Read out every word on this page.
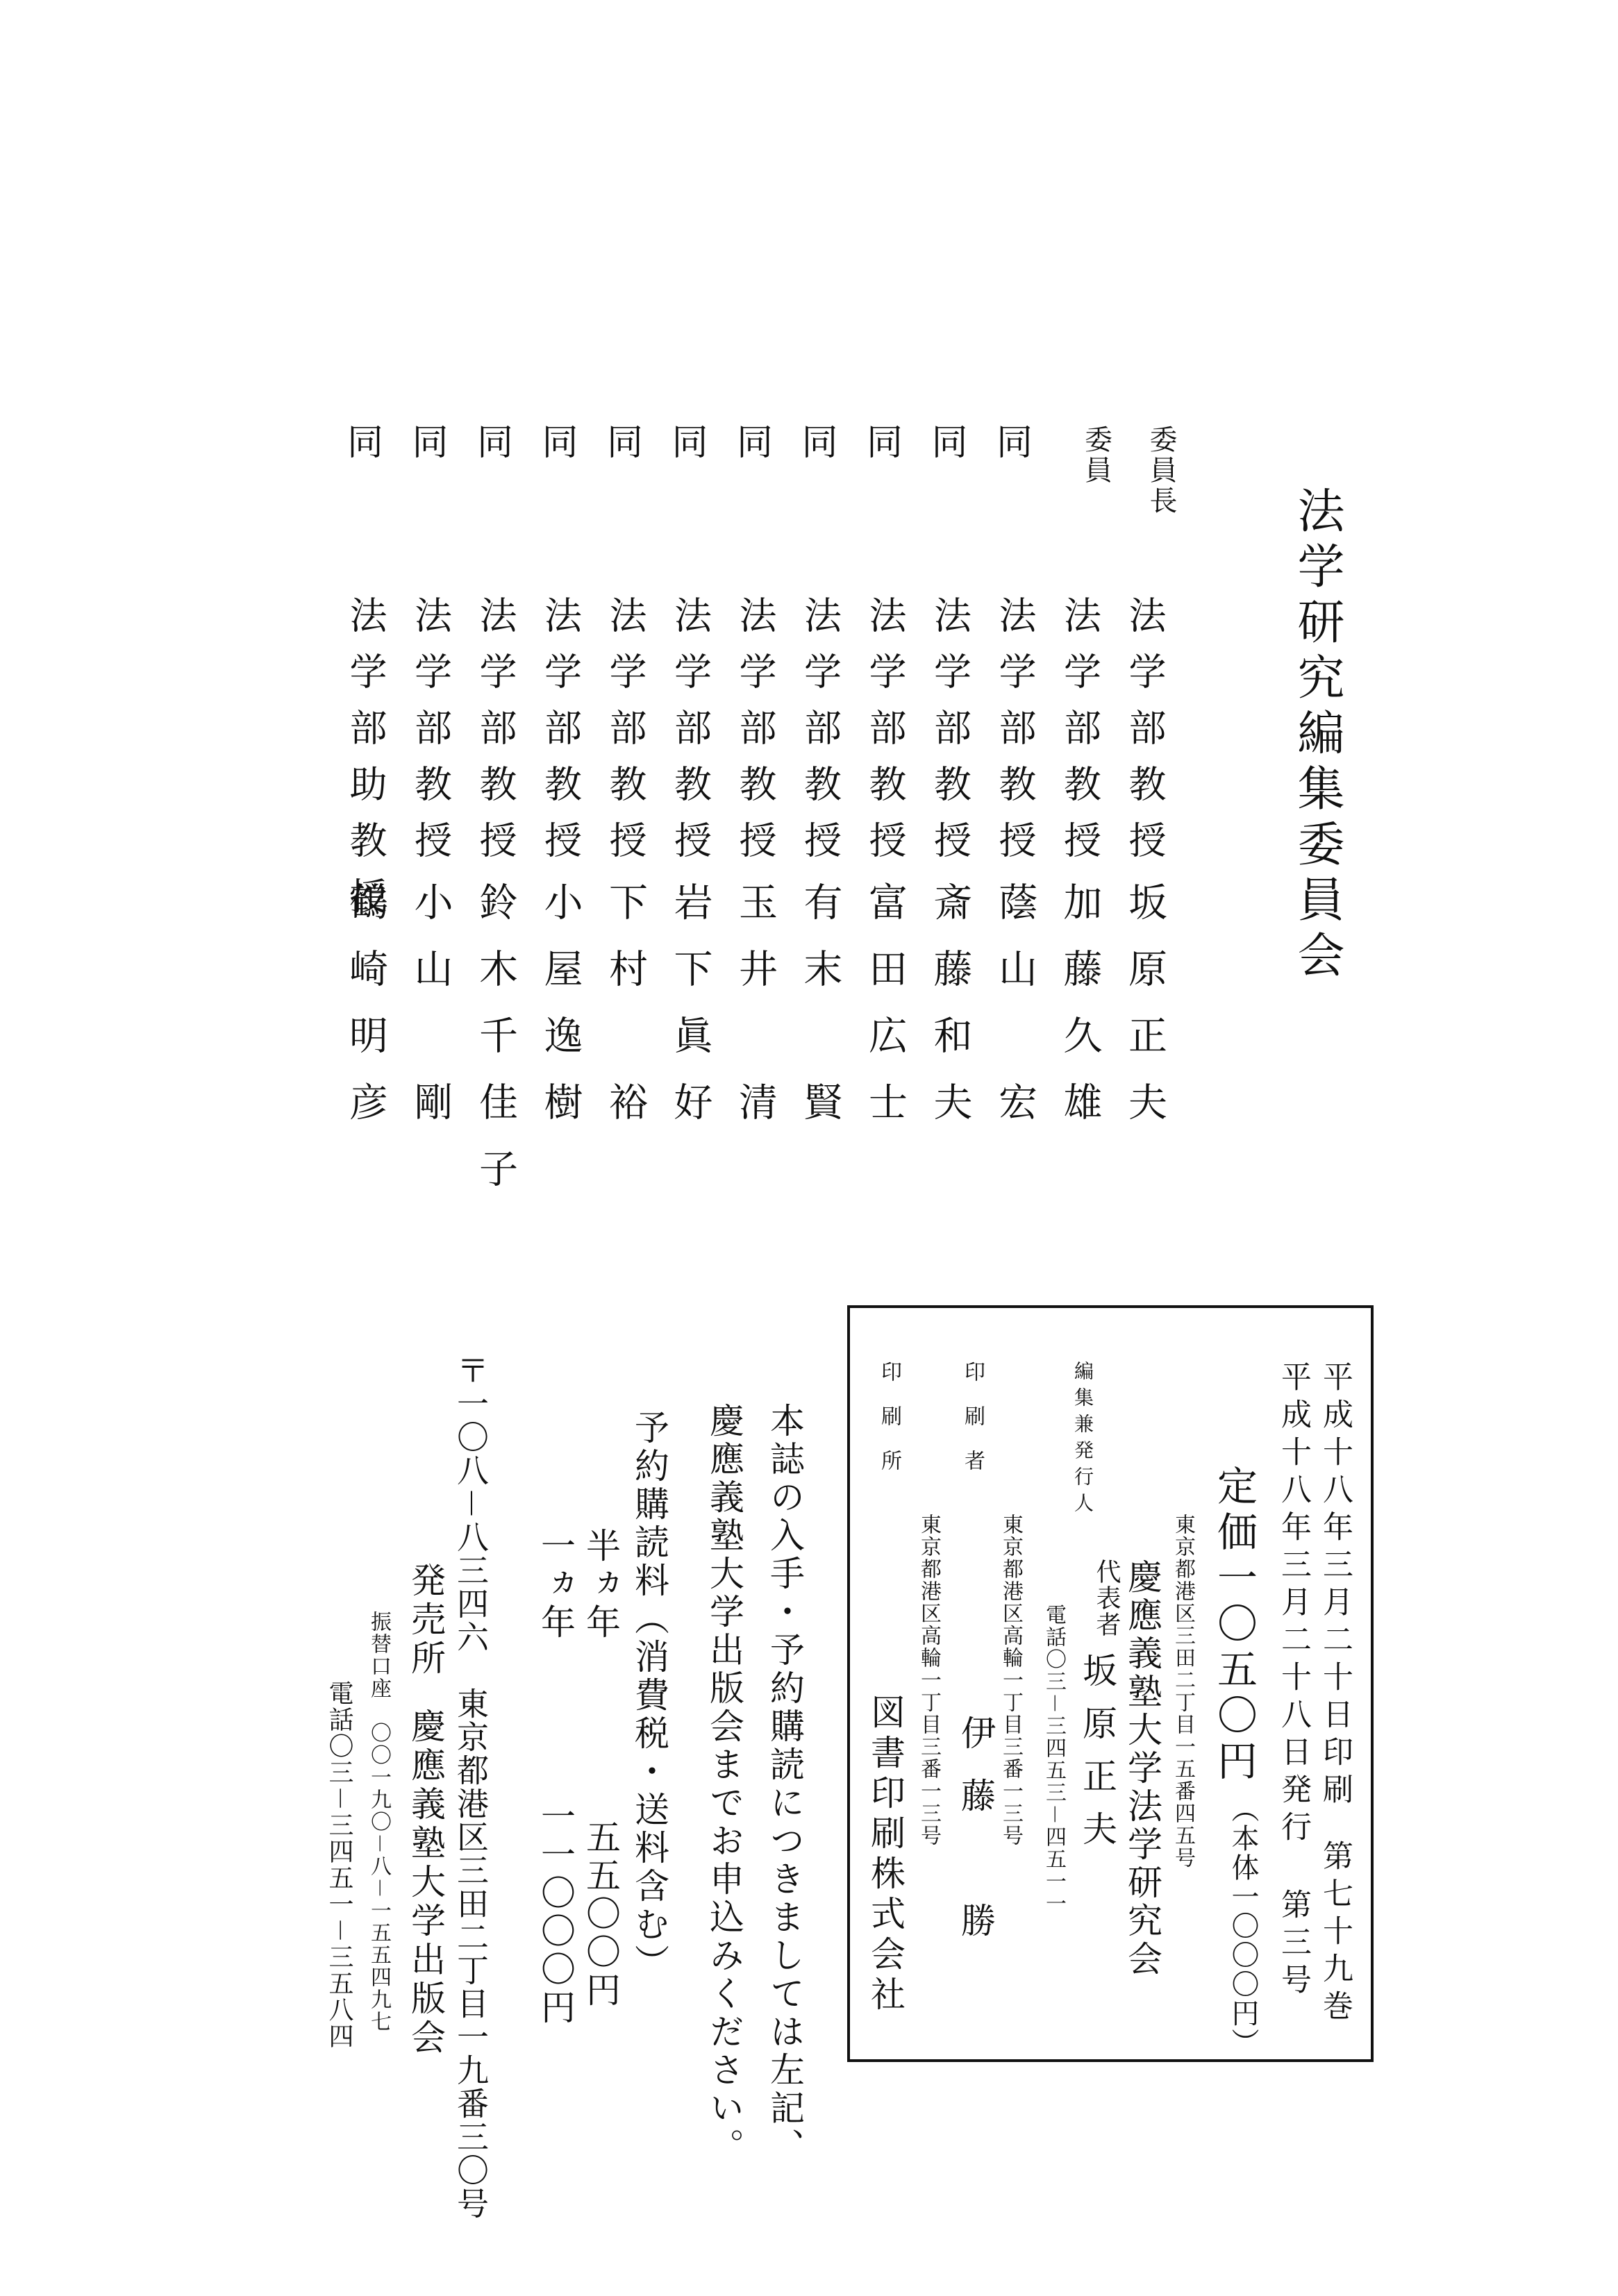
法学研究編集委員会
委員長
法学部教授
坂原正夫
委員
法学部教授
加藤久雄
同
法学部教授
蔭山　宏
同
法学部教授
斎藤和夫
同
法学部教授
富田広士
同
法学部教授
有末　賢
同
法学部教授
玉井　清
同
法学部教授
岩下眞好
同
法学部教授
下村　裕
同
法学部教授
小屋逸樹
同
法学部教授
鈴木千佳子
同
法学部教授
小山　剛
同
法学部助教授
鶴崎明彦
平成十八年三月二十日印刷
平成十八年三月二十八日発行
第七十九巻
第三号
定価一〇五〇円
（本体一〇〇〇円）
編集兼発行人
東京都港区三田二丁目一五番四五号
慶應義塾大学法学研究会
代表者
坂原正夫
電話〇三－三四五三－四五一一
印刷者
東京都港区高輪一丁目三番一三号
伊藤　勝
印刷所
東京都港区高輪一丁目三番一三号
図書印刷株式会社
本誌の入手・予約購読につきましては左記、
慶應義塾大学出版会までお申込みください。
予約購読料（消費税・送料含む）
半ヵ年
五五〇〇円
一ヵ年
一一〇〇〇円
〒一〇八－八三四六　東京都港区三田二丁目一九番三〇号
発売所
慶應義塾大学出版会
振替口座　〇〇一九〇－八－一五五四九七
電話〇三－三四五一－三五八四
